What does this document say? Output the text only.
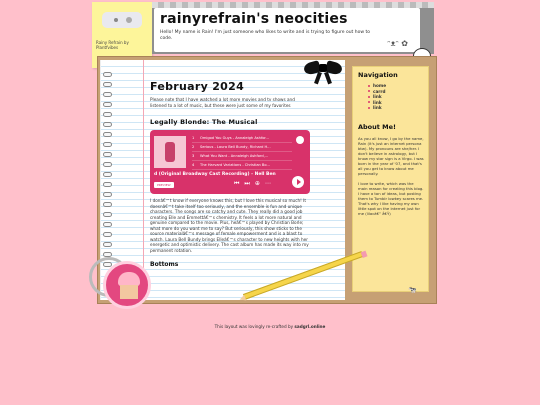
Rainy Refrain by Plantfvibes
rainyrefrain's neocities
Hello! My name is Rain! I'm just someone who likes to write and is trying to figure out how to code.
ᵔᴥᵔ ✿
February 2024
Please note that I have watched a lot more movies and tv shows and listened to a lot of music, but these were just some of my favorites
Legally Blonde: The Musical
1	Omigod You Guys - Annaleigh Ashfor...
2	Serious - Laura Bell Bundy, Richard H...
3	What You Want - Annaleigh Ashford,...
4	The Harvard Variations - Christian Bo...
d (Original Broadway Cast Recording) - Nell Ben
PREVIEW	⏮ ⏭ ⊕ ⋯
I donâ€™t know if everyone knows this, but I love this musical so much! It doesnâ€™t take itself too seriously, and the ensemble is fun and unique characters. The songs are so catchy and cute. They really did a good job creating Elle and Emmettâ€™s chemistry. It feels a lot more natural and genuine compared to the movie. Plus, heâ€™s played by Christian Borle; what more do you want me to say? But seriously, this show sticks to the source materialâ€™s message of female empowerment and is a blast to watch. Laura Bell Bundy brings Elleâ€™s character to new heights with her energetic and optimistic delivery. The cast album has made its way into my permanent rotation.
Bottoms
Navigation
home
carrd
link
link
link
About Me!
As you all know, I go by the name, Rain (it's just an internet persona btw). My pronouns are she/her. I don't believe in astrology, but I know my star sign is a Virgo. I was born in the year of '07, and that's all you get to know about me personally.
I love to write, which was the main reason for creating this blog. I have a ton of ideas, but posting them to Tumblr lowkey scares me. That's why I like having my own little spot on the internet just for me (lilacâ€” å€Ÿ)
🐄
This layout was lovingly re-crafted by sadgrl.online
